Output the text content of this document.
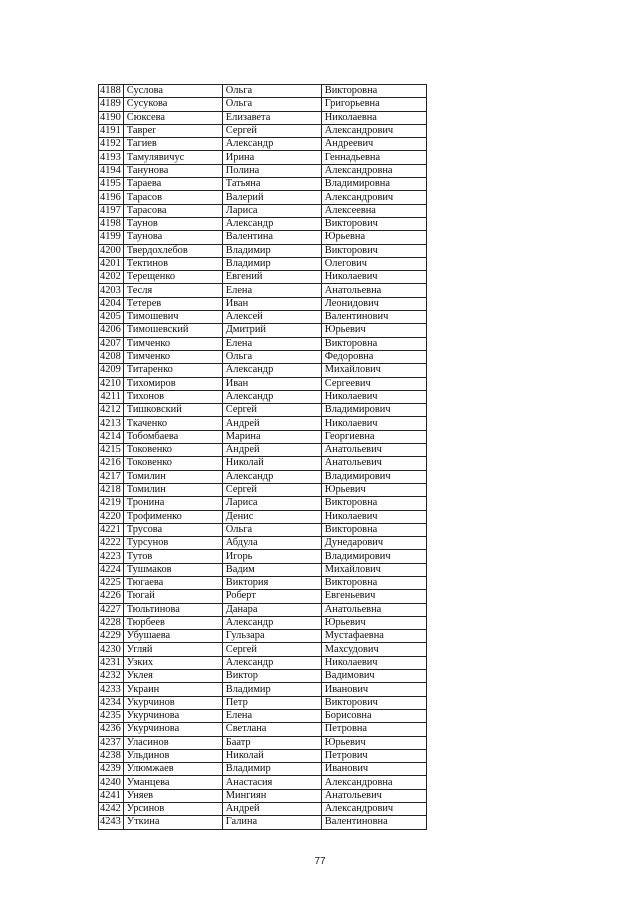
4188	Суслова	Ольга	Викторовна
4189	Сусукова	Ольга	Григорьевна
4190	Сюксева	Елизавета	Николаевна
4191	Тавper	Сергей	Александрович
4192	Тагиев	Александр	Андреевич
4193	Тамулявичус	Ирина	Геннадьевна
4194	Танунова	Полина	Александровна
4195	Тараева	Татьяна	Владимировна
4196	Тарасов	Валерий	Александрович
4197	Тарасова	Лариса	Алексеевна
4198	Таунов	Александр	Викторович
4199	Таунова	Валентина	Юрьевна
4200	Твердохлебов	Владимир	Викторович
4201	Тектинов	Владимир	Олегович
4202	Терещенко	Евгений	Николаевич
4203	Тесля	Елена	Анатольевна
4204	Тетерев	Иван	Леонидович
4205	Тимошевич	Алексей	Валентинович
4206	Тимошевский	Дмитрий	Юрьевич
4207	Тимченко	Елена	Викторовна
4208	Тимченко	Ольга	Федоровна
4209	Титаренко	Александр	Михайлович
4210	Тихомиров	Иван	Сергеевич
4211	Тихонов	Александр	Николаевич
4212	Тишковский	Сергей	Владимирович
4213	Ткаченко	Андрей	Николаевич
4214	Тобомбаева	Марина	Георгиевна
4215	Токовенко	Андрей	Анатольевич
4216	Токовенко	Николай	Анатольевич
4217	Томилин	Александр	Владимирович
4218	Томилин	Сергей	Юрьевич
4219	Тронина	Лариса	Викторовна
4220	Трофименко	Денис	Николаевич
4221	Трусова	Ольга	Викторовна
4222	Турсунов	Абдула	Дунедарович
4223	Тутов	Игорь	Владимирович
4224	Тушмаков	Вадим	Михайлович
4225	Тюгаева	Виктория	Викторовна
4226	Тюгай	Роберт	Евгеньевич
4227	Тюльтинова	Данара	Анатольевна
4228	Тюрбеев	Александр	Юрьевич
4229	Убушаева	Гульзара	Мустафаевна
4230	Угляй	Сергей	Махсудович
4231	Узких	Александр	Николаевич
4232	Уклея	Виктор	Вадимович
4233	Украин	Владимир	Иванович
4234	Укурчинов	Петр	Викторович
4235	Укурчинова	Елена	Борисовна
4236	Укурчинова	Светлана	Петровна
4237	Уласинов	Баатр	Юрьевич
4238	Ульдинов	Николай	Петрович
4239	Улюмжаев	Владимир	Иванович
4240	Уманцева	Анастасия	Александровна
4241	Уняев	Мингиян	Анатольевич
4242	Урсинов	Андрей	Александрович
4243	Уткина	Галина	Валентиновна
77
